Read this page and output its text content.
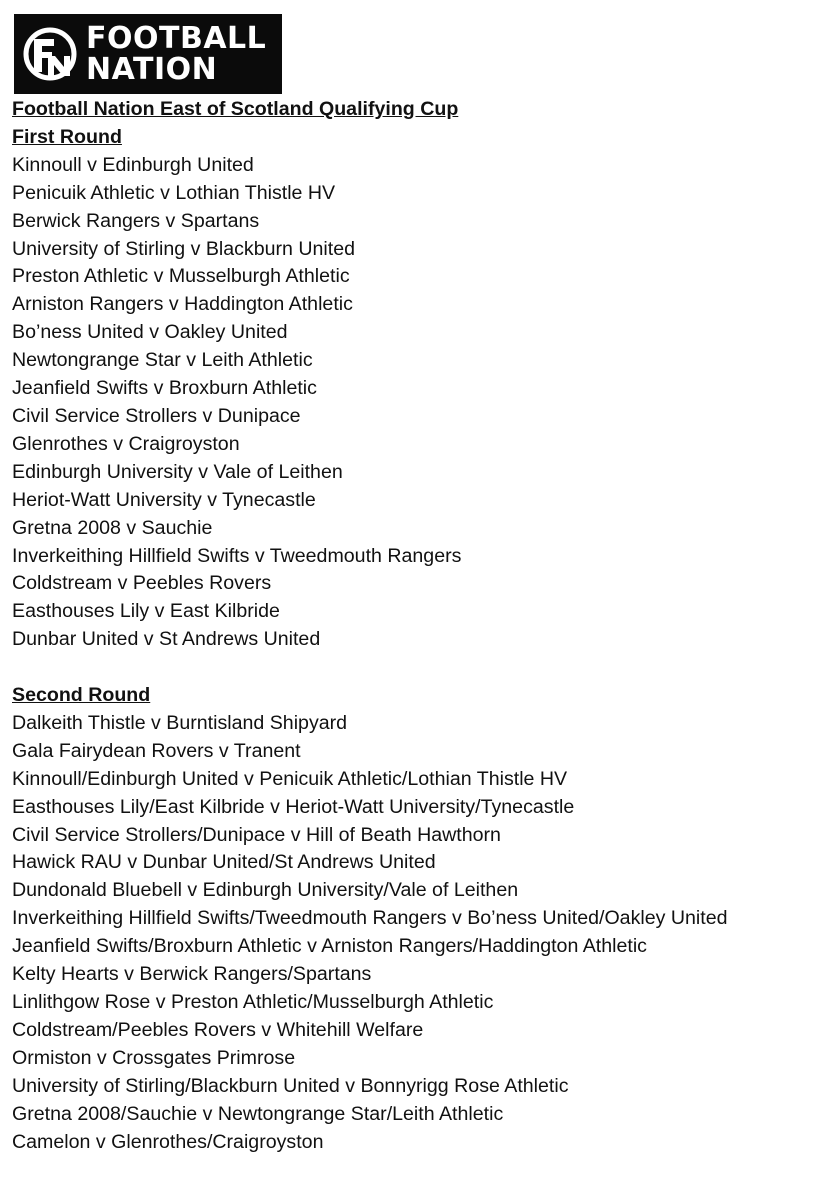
FOOTBALL
NATION
Football Nation East of Scotland Qualifying Cup
First Round
Kinnoull v Edinburgh United
Penicuik Athletic v Lothian Thistle HV
Berwick Rangers v Spartans
University of Stirling v Blackburn United
Preston Athletic v Musselburgh Athletic
Arniston Rangers v Haddington Athletic
Bo’ness United v Oakley United
Newtongrange Star v Leith Athletic
Jeanfield Swifts v Broxburn Athletic
Civil Service Strollers v Dunipace
Glenrothes v Craigroyston
Edinburgh University v Vale of Leithen
Heriot-Watt University v Tynecastle
Gretna 2008 v Sauchie
Inverkeithing Hillfield Swifts v Tweedmouth Rangers
Coldstream v Peebles Rovers
Easthouses Lily v East Kilbride
Dunbar United v St Andrews United
Second Round
Dalkeith Thistle v Burntisland Shipyard
Gala Fairydean Rovers v Tranent
Kinnoull/Edinburgh United v Penicuik Athletic/Lothian Thistle HV
Easthouses Lily/East Kilbride v Heriot-Watt University/Tynecastle
Civil Service Strollers/Dunipace v Hill of Beath Hawthorn
Hawick RAU v Dunbar United/St Andrews United
Dundonald Bluebell v Edinburgh University/Vale of Leithen
Inverkeithing Hillfield Swifts/Tweedmouth Rangers v Bo’ness United/Oakley United
Jeanfield Swifts/Broxburn Athletic v Arniston Rangers/Haddington Athletic
Kelty Hearts v Berwick Rangers/Spartans
Linlithgow Rose v Preston Athletic/Musselburgh Athletic
Coldstream/Peebles Rovers v Whitehill Welfare
Ormiston v Crossgates Primrose
University of Stirling/Blackburn United v Bonnyrigg Rose Athletic
Gretna 2008/Sauchie v Newtongrange Star/Leith Athletic
Camelon v Glenrothes/Craigroyston
